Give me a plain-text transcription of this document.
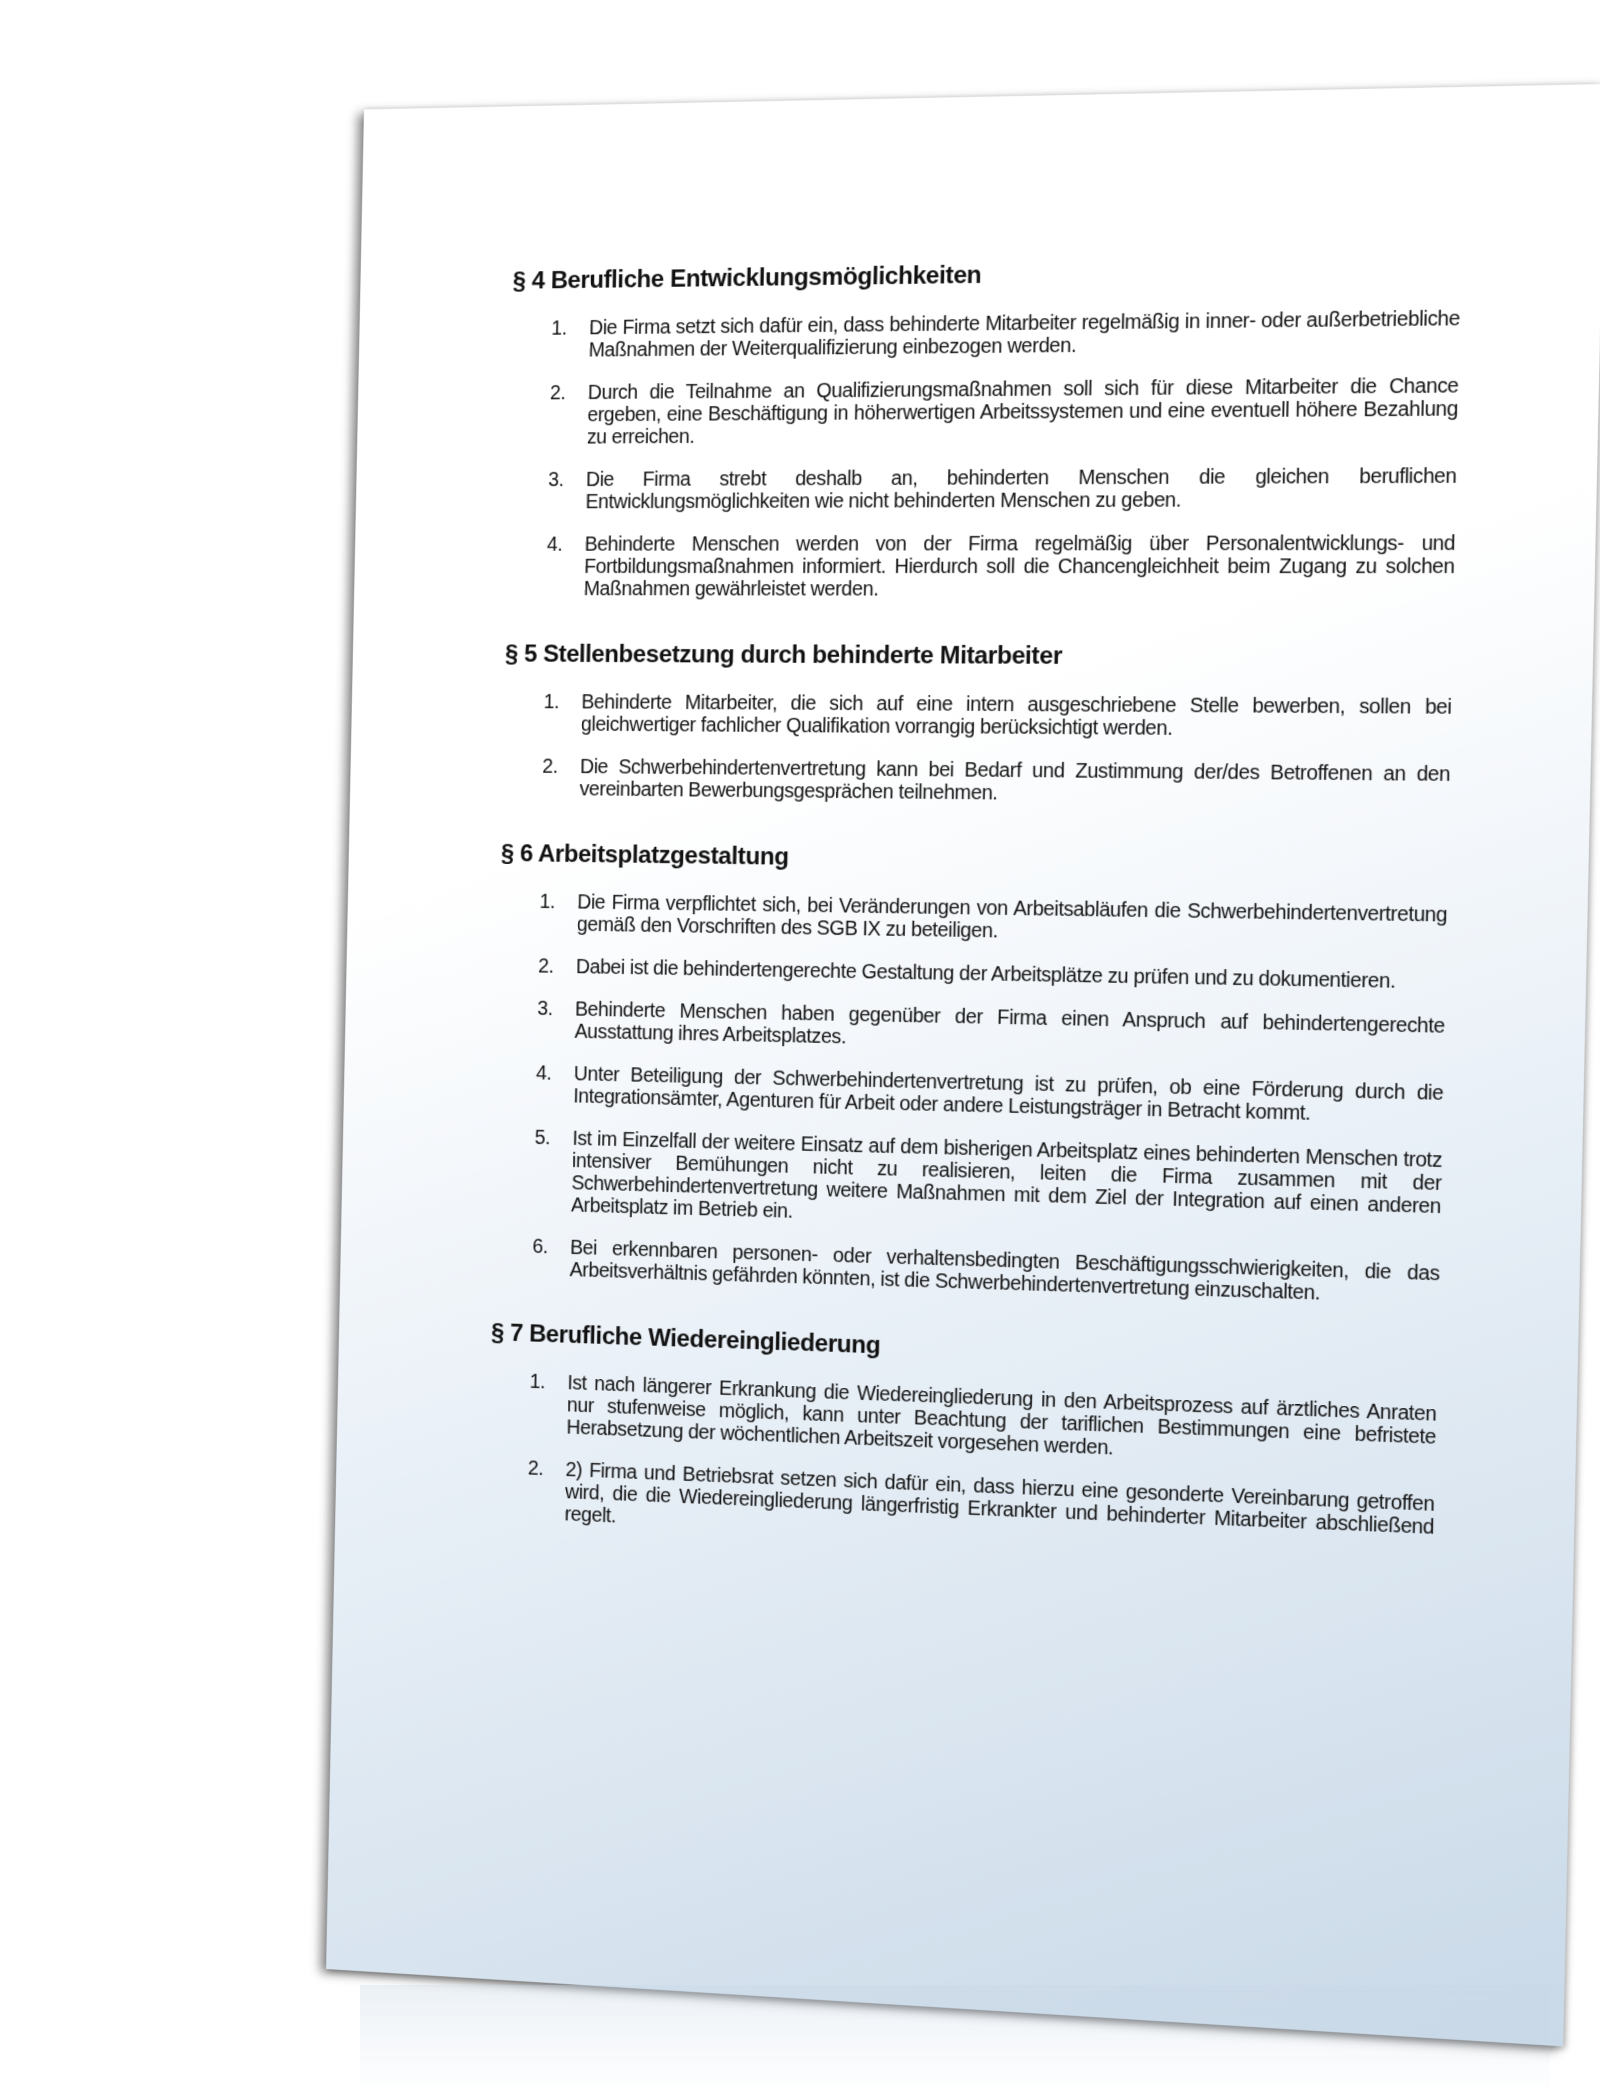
§ 4 Berufliche Entwicklungsmöglichkeiten
1.	Die Firma setzt sich dafür ein, dass behinderte Mitarbeiter regelmäßig in inner- oder außerbetriebliche Maßnahmen der Weiterqualifizierung einbezogen werden.
2.	Durch die Teilnahme an Qualifizierungsmaßnahmen soll sich für diese Mitarbeiter die Chance ergeben, eine Beschäftigung in höherwertigen Arbeitssystemen und eine eventuell höhere Bezahlung zu erreichen.
3.	Die Firma strebt deshalb an, behinderten Menschen die gleichen beruflichen Entwicklungsmöglichkeiten wie nicht behinderten Menschen zu geben.
4.	Behinderte Menschen werden von der Firma regelmäßig über Personalentwicklungs- und Fortbildungsmaßnahmen informiert. Hierdurch soll die Chancengleichheit beim Zugang zu solchen Maßnahmen gewährleistet werden.
§ 5 Stellenbesetzung durch behinderte Mitarbeiter
1.	Behinderte Mitarbeiter, die sich auf eine intern ausgeschriebene Stelle bewerben, sollen bei gleichwertiger fachlicher Qualifikation vorrangig berücksichtigt werden.
2.	Die Schwerbehindertenvertretung kann bei Bedarf und Zustimmung der/des Betroffenen an den vereinbarten Bewerbungsgesprächen teilnehmen.
§ 6 Arbeitsplatzgestaltung
1.	Die Firma verpflichtet sich, bei Veränderungen von Arbeitsabläufen die Schwerbehindertenvertretung gemäß den Vorschriften des SGB IX zu beteiligen.
2.	Dabei ist die behindertengerechte Gestaltung der Arbeitsplätze zu prüfen und zu dokumentieren.
3.	Behinderte Menschen haben gegenüber der Firma einen Anspruch auf behindertengerechte Ausstattung ihres Arbeitsplatzes.
4.	Unter Beteiligung der Schwerbehindertenvertretung ist zu prüfen, ob eine Förderung durch die Integrationsämter, Agenturen für Arbeit oder andere Leistungsträger in Betracht kommt.
5.	Ist im Einzelfall der weitere Einsatz auf dem bisherigen Arbeitsplatz eines behinderten Menschen trotz intensiver Bemühungen nicht zu realisieren, leiten die Firma zusammen mit der Schwerbehindertenvertretung weitere Maßnahmen mit dem Ziel der Integration auf einen anderen Arbeitsplatz im Betrieb ein.
6.	Bei erkennbaren personen- oder verhaltensbedingten Beschäftigungsschwierigkeiten, die das Arbeitsverhältnis gefährden könnten, ist die Schwerbehindertenvertretung einzuschalten.
§ 7 Berufliche Wiedereingliederung
1.	Ist nach längerer Erkrankung die Wiedereingliederung in den Arbeitsprozess auf ärztliches Anraten nur stufenweise möglich, kann unter Beachtung der tariflichen Bestimmungen eine befristete Herabsetzung der wöchentlichen Arbeitszeit vorgesehen werden.
2.	2) Firma und Betriebsrat setzen sich dafür ein, dass hierzu eine gesonderte Vereinbarung getroffen wird, die die Wiedereingliederung längerfristig Erkrankter und behinderter Mitarbeiter abschließend regelt.
